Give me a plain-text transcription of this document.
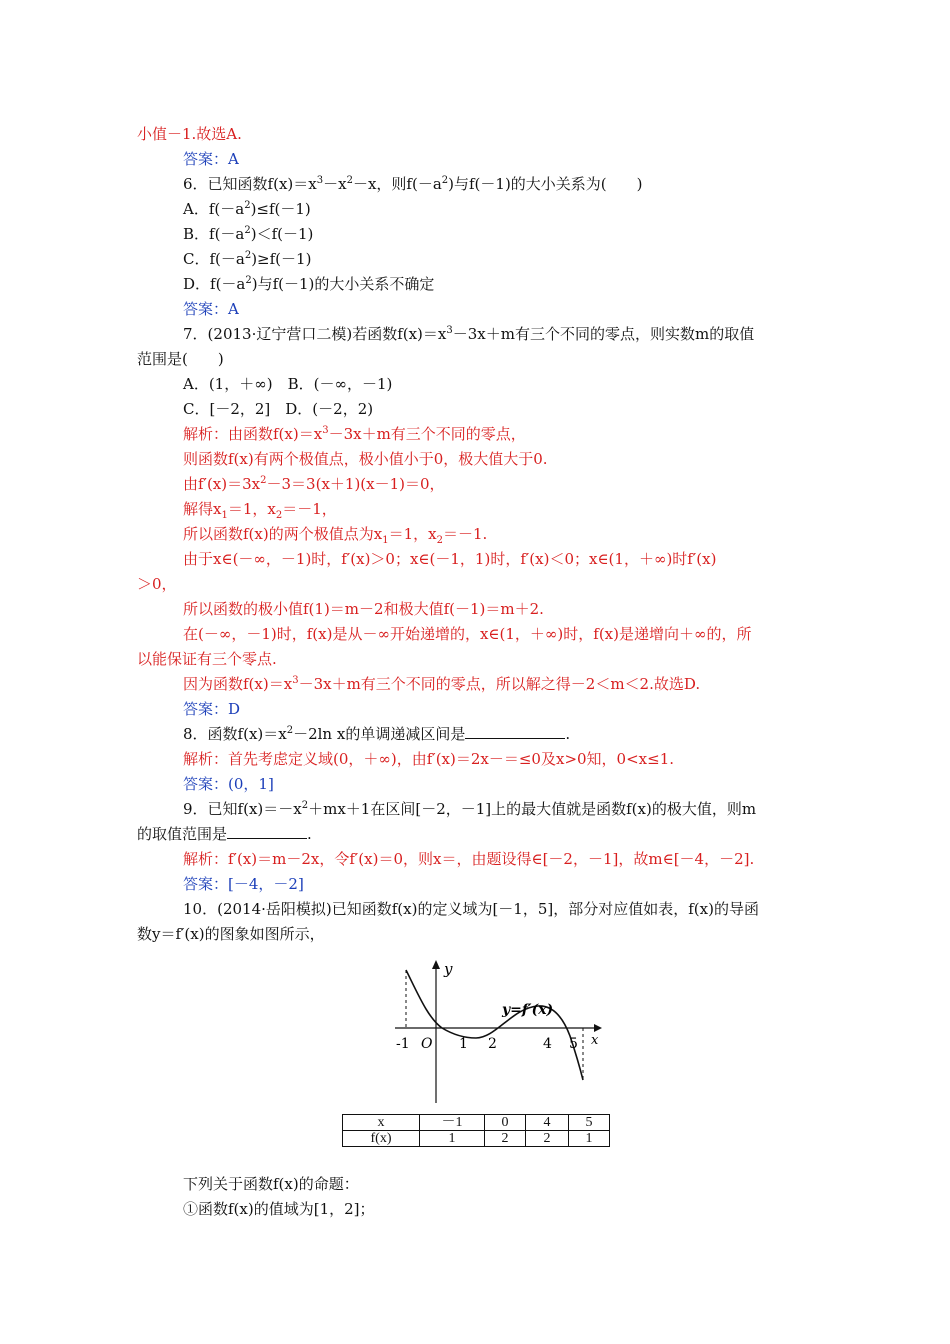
小值－1.故选A.
答案：A
6．已知函数$f(x)=x^3-x^2-x$，则$f(-a^2)$与f(－1)的大小关系为(　　)
A．$f(-a^2)\le f(-1)$
B．$f(-a^2)<f(-1)$
C．$f(-a^2)\ge f(-1)$
D．$f(-a^2)$与f(－1)的大小关系不确定
答案：A
7．(2013·辽宁营口二模)若函数$f(x)=x^3-3x+m$有三个不同的零点，则实数m的取值
范围是(　　)
A．(1，＋∞)　B．(－∞，－1)
C．[－2，2]　D．(－2，2)
解析：由函数$f(x)=x^3-3x+m$有三个不同的零点，
则函数f(x)有两个极值点，极小值小于0，极大值大于0.
由$f'(x)=3x^2-3=3(x+1)(x-1)=0$，
解得$x_1=1$，$x_2=-1$，
所以函数f(x)的两个极值点为$x_1=1$，$x_2=-1$.
由于x∈(－∞，－1)时，f′(x)＞0；x∈(－1，1)时，f′(x)＜0；x∈(1，＋∞)时f′(x)
＞0，
所以函数的极小值f(1)＝m－2和极大值f(－1)＝m＋2.
在(－∞，－1)时，f(x)是从－∞开始递增的，x∈(1，＋∞)时，f(x)是递增向＋∞的，所
以能保证有三个零点.
因为函数$f(x)=x^3-3x+m$有三个不同的零点，所以解之得－2＜m＜2.故选D.
答案：D
8．函数$f(x)=x^2-2\ln$ x的单调递减区间是	.
解析：首先考虑定义域(0，＋∞)，由f′(x)＝2x－＝≤0及x>0知，0<x≤1.
答案：(0，1]
9．已知$f(x)=-x^2+mx+1$在区间[－2，－1]上的最大值就是函数f(x)的极大值，则m
的取值范围是	.
解析：f′(x)＝m－2x，令f′(x)＝0，则x＝，由题设得∈[－2，－1]，故m∈[－4，－2].
答案：[－4，－2]
10．(2014·岳阳模拟)已知函数f(x)的定义域为[－1，5]，部分对应值如表，f(x)的导函
数y＝f′(x)的图象如图所示，
y
x
y=f′(x)
O
-1	1 2	4 5
x	－1	0	4	5
f(x)	1	2	2	1
下列关于函数f(x)的命题：
①函数f(x)的值域为[1，2]；
